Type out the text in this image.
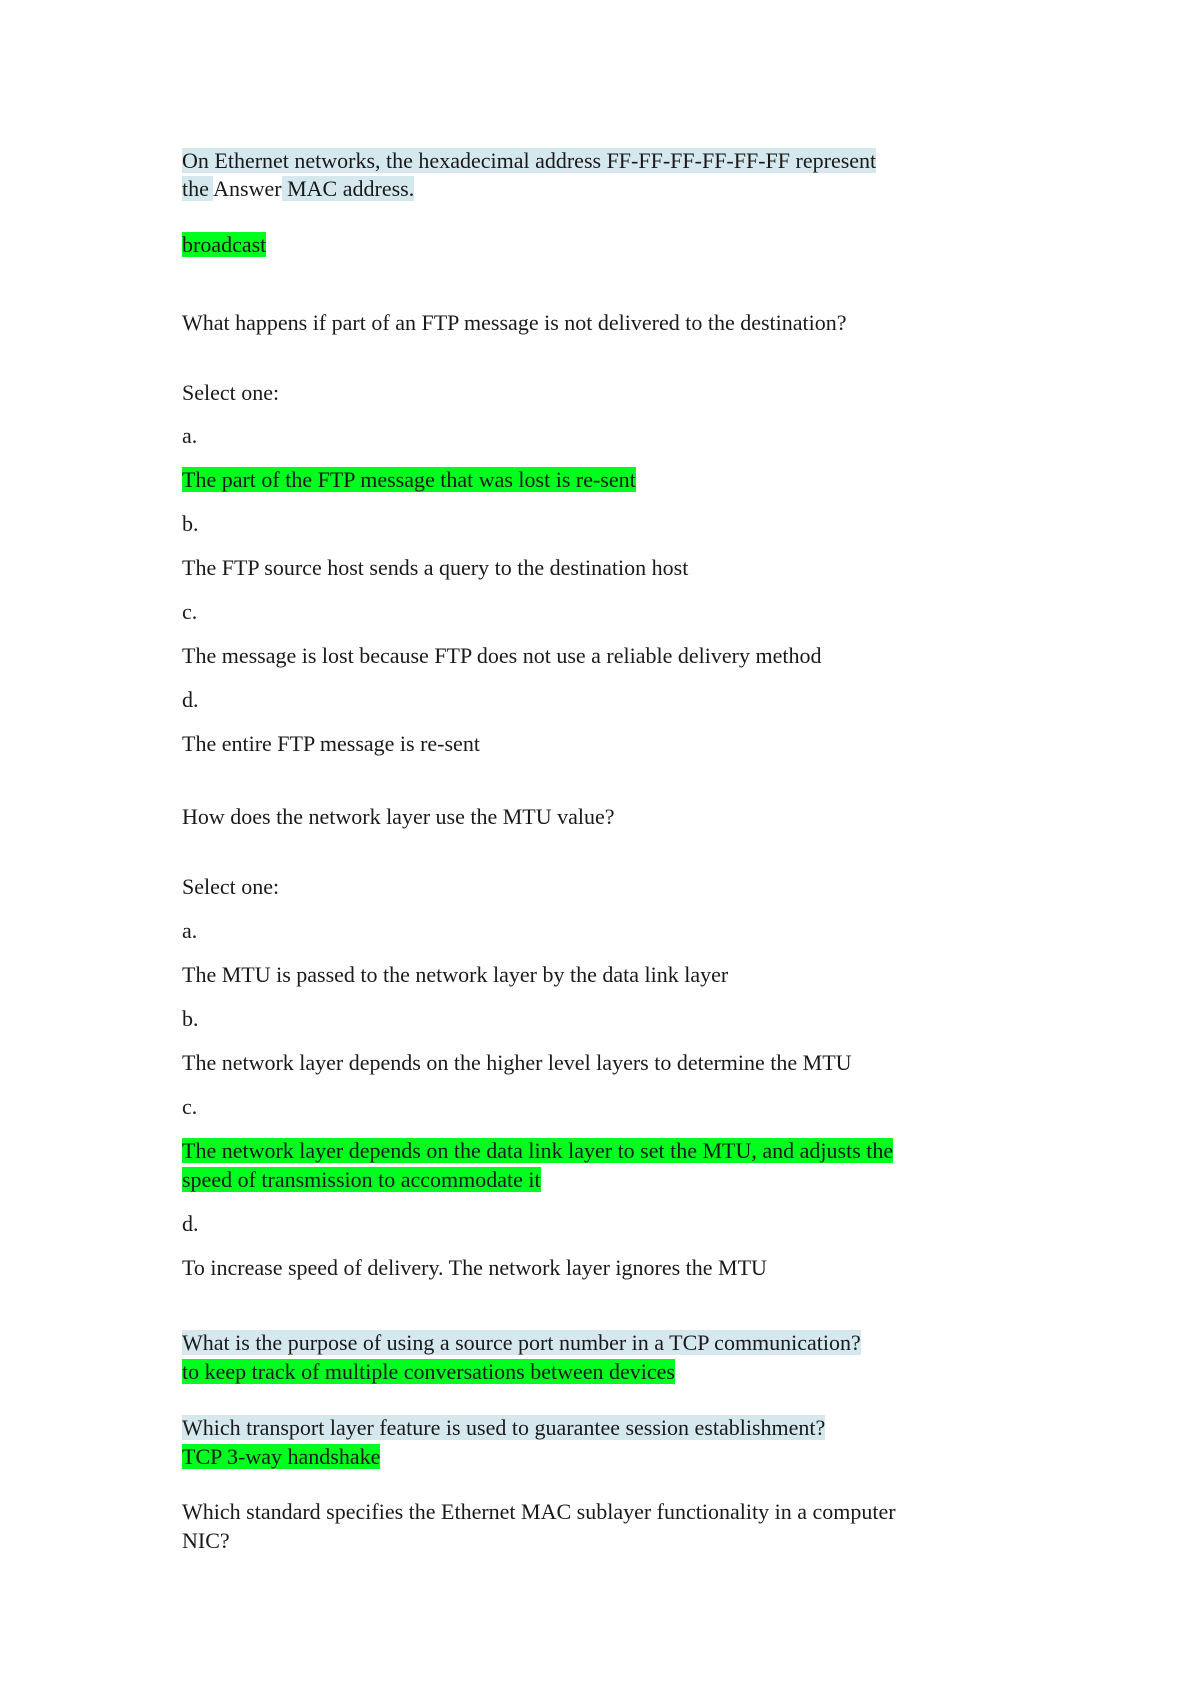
On Ethernet networks, the hexadecimal address FF-FF-FF-FF-FF-FF represent

the Answer MAC address.

broadcast

What happens if part of an FTP message is not delivered to the destination?

Select one:

a.

The part of the FTP message that was lost is re-sent

b.

The FTP source host sends a query to the destination host

c.

The message is lost because FTP does not use a reliable delivery method

d.

The entire FTP message is re-sent

How does the network layer use the MTU value?

Select one:

a.

The MTU is passed to the network layer by the data link layer

b.

The network layer depends on the higher level layers to determine the MTU

c.

The network layer depends on the data link layer to set the MTU, and adjusts the

speed of transmission to accommodate it

d.

To increase speed of delivery. The network layer ignores the MTU

What is the purpose of using a source port number in a TCP communication?

to keep track of multiple conversations between devices

Which transport layer feature is used to guarantee session establishment?

TCP 3-way handshake

Which standard specifies the Ethernet MAC sublayer functionality in a computer

NIC?
